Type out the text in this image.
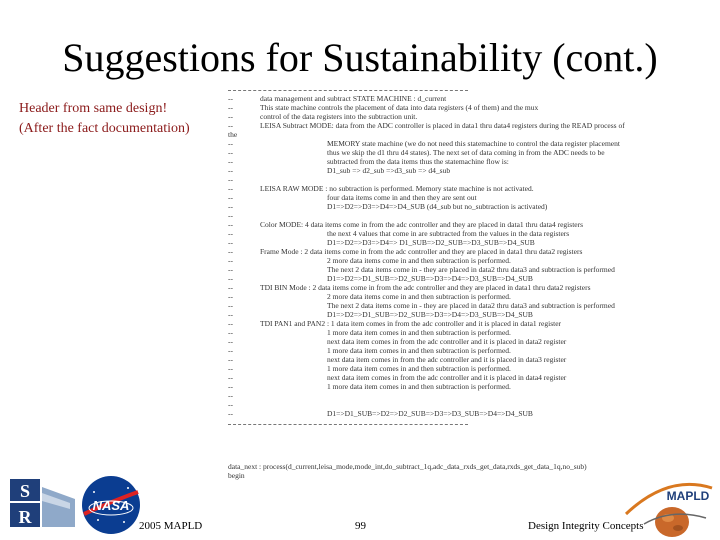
Suggestions for Sustainability (cont.)
Header from same design!
(After the fact documentation)
--	data management and subtract STATE MACHINE : d_current
--	This state machine controls the placement of data into data registers (4 of them) and the mux
--	control of the data registers into the subtraction unit.
--	LEISA Subtract MODE: data from the ADC controller is placed in data1 thru data4 registers during the READ process of
the
--	MEMORY state machine (we do not need this statemachine to control the data register placement
--	thus we skip the d1 thru d4 states). The next set of data coming in from the ADC needs to be
--	subtracted from the data items thus the statemachine flow is:
--	D1_sub => d2_sub =>d3_sub => d4_sub
--
--	LEISA RAW MODE : no subtraction is performed. Memory state machine is not activated.
--	four data items come in and then they are sent out
--	D1=>D2=>D3=>D4=>D4_SUB (d4_sub but no_subtraction is activated)
--
--	Color MODE: 4 data items come in from the adc controller and they are placed in data1 thru data4 registers
--	the next 4 values that come in are subtracted from the values in the data registers
--	D1=>D2=>D3=>D4=> D1_SUB=>D2_SUB=>D3_SUB=>D4_SUB
--	Frame Mode : 2 data items come in from the adc controller and they are placed in data1 thru data2 registers
--	2 more data items come in and then subtraction is performed.
--	The next 2 data items come in - they are placed in data2 thru data3 and subtraction is performed
--	D1=>D2=>D1_SUB=>D2_SUB=>D3=>D4=>D3_SUB=>D4_SUB
--	TDI BIN Mode : 2 data items come in from the adc controller and they are placed in data1 thru data2 registers
--	2 more data items come in and then subtraction is performed.
--	The next 2 data items come in - they are placed in data2 thru data3 and subtraction is performed
--	D1=>D2=>D1_SUB=>D2_SUB=>D3=>D4=>D3_SUB=>D4_SUB
--	TDI PAN1 and PAN2 : 1 data item comes in from the adc controller and it is placed in data1 register
--	1 more data item comes in and then subtraction is performed.
--	next data item comes in from the adc controller and it is placed in data2 register
--	1 more data item comes in and then subtraction is performed.
--	next data item comes in from the adc controller and it is placed in data3 register
--	1 more data item comes in and then subtraction is performed.
--	next data item comes in from the adc controller and it is placed in data4 register
--	1 more data item comes in and then subtraction is performed.
--
--
--	D1=>D1_SUB=>D2=>D2_SUB=>D3=>D3_SUB=>D4=>D4_SUB
data_next : process(d_current,leisa_mode,mode_int,do_subtract_1q,adc_data_rxds_get_data,rxds_get_data_1q,no_sub)
begin
S
R
NASA
MAPLD
2005 MAPLD	99	Design Integrity Concepts
